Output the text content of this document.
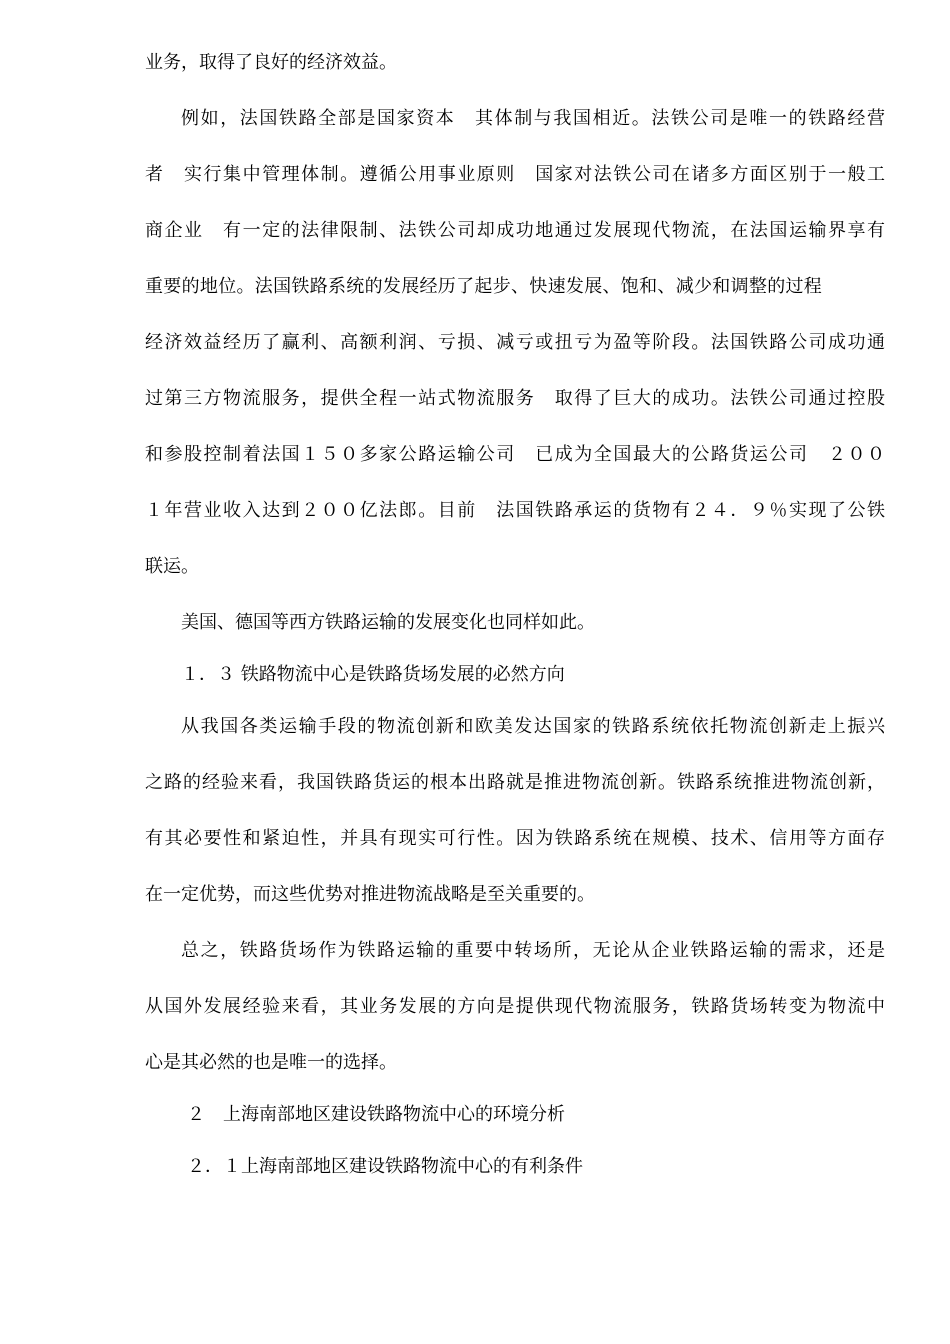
业务，取得了良好的经济效益。
例如，法国铁路全部是国家资本　其体制与我国相近。法铁公司是唯一的铁路经营
者　实行集中管理体制。遵循公用事业原则　国家对法铁公司在诸多方面区别于一般工
商企业　有一定的法律限制、法铁公司却成功地通过发展现代物流，在法国运输界享有
重要的地位。法国铁路系统的发展经历了起步、快速发展、饱和、减少和调整的过程
经济效益经历了赢利、高额利润、亏损、减亏或扭亏为盈等阶段。法国铁路公司成功通
过第三方物流服务，提供全程一站式物流服务　取得了巨大的成功。法铁公司通过控股
和参股控制着法国１５０多家公路运输公司　已成为全国最大的公路货运公司　２００
１年营业收入达到２００亿法郎。目前　法国铁路承运的货物有２４．９％实现了公铁
联运。
美国、德国等西方铁路运输的发展变化也同样如此。
１．３ 铁路物流中心是铁路货场发展的必然方向
从我国各类运输手段的物流创新和欧美发达国家的铁路系统依托物流创新走上振兴
之路的经验来看，我国铁路货运的根本出路就是推进物流创新。铁路系统推进物流创新，
有其必要性和紧迫性，并具有现实可行性。因为铁路系统在规模、技术、信用等方面存
在一定优势，而这些优势对推进物流战略是至关重要的。
总之，铁路货场作为铁路运输的重要中转场所，无论从企业铁路运输的需求，还是
从国外发展经验来看，其业务发展的方向是提供现代物流服务，铁路货场转变为物流中
心是其必然的也是唯一的选择。
２　上海南部地区建设铁路物流中心的环境分析
２．１上海南部地区建设铁路物流中心的有利条件
